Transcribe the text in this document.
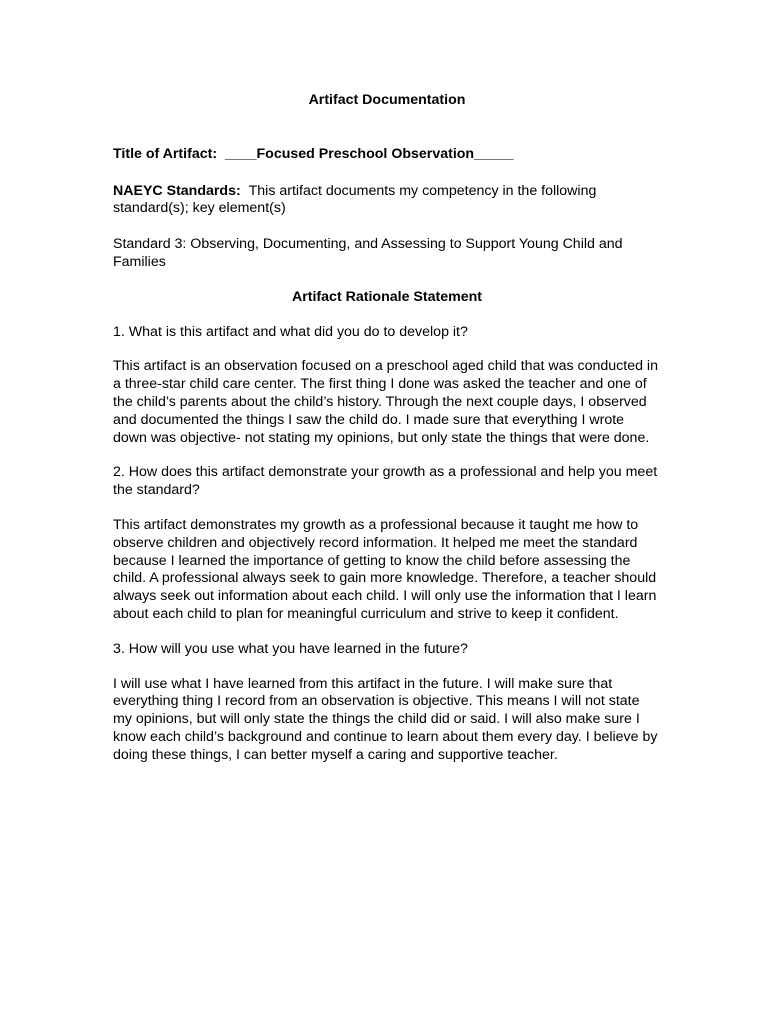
Artifact Documentation

Title of Artifact: ____Focused Preschool Observation_____

NAEYC Standards: This artifact documents my competency in the following standard(s); key element(s)

Standard 3: Observing, Documenting, and Assessing to Support Young Child and Families

Artifact Rationale Statement

1. What is this artifact and what did you do to develop it?

This artifact is an observation focused on a preschool aged child that was conducted in a three-star child care center. The first thing I done was asked the teacher and one of the child’s parents about the child’s history. Through the next couple days, I observed and documented the things I saw the child do. I made sure that everything I wrote down was objective- not stating my opinions, but only state the things that were done.

2. How does this artifact demonstrate your growth as a professional and help you meet the standard?

This artifact demonstrates my growth as a professional because it taught me how to observe children and objectively record information. It helped me meet the standard because I learned the importance of getting to know the child before assessing the child. A professional always seek to gain more knowledge. Therefore, a teacher should always seek out information about each child. I will only use the information that I learn about each child to plan for meaningful curriculum and strive to keep it confident.

3. How will you use what you have learned in the future?

I will use what I have learned from this artifact in the future. I will make sure that everything thing I record from an observation is objective. This means I will not state my opinions, but will only state the things the child did or said. I will also make sure I know each child’s background and continue to learn about them every day. I believe by doing these things, I can better myself a caring and supportive teacher.
